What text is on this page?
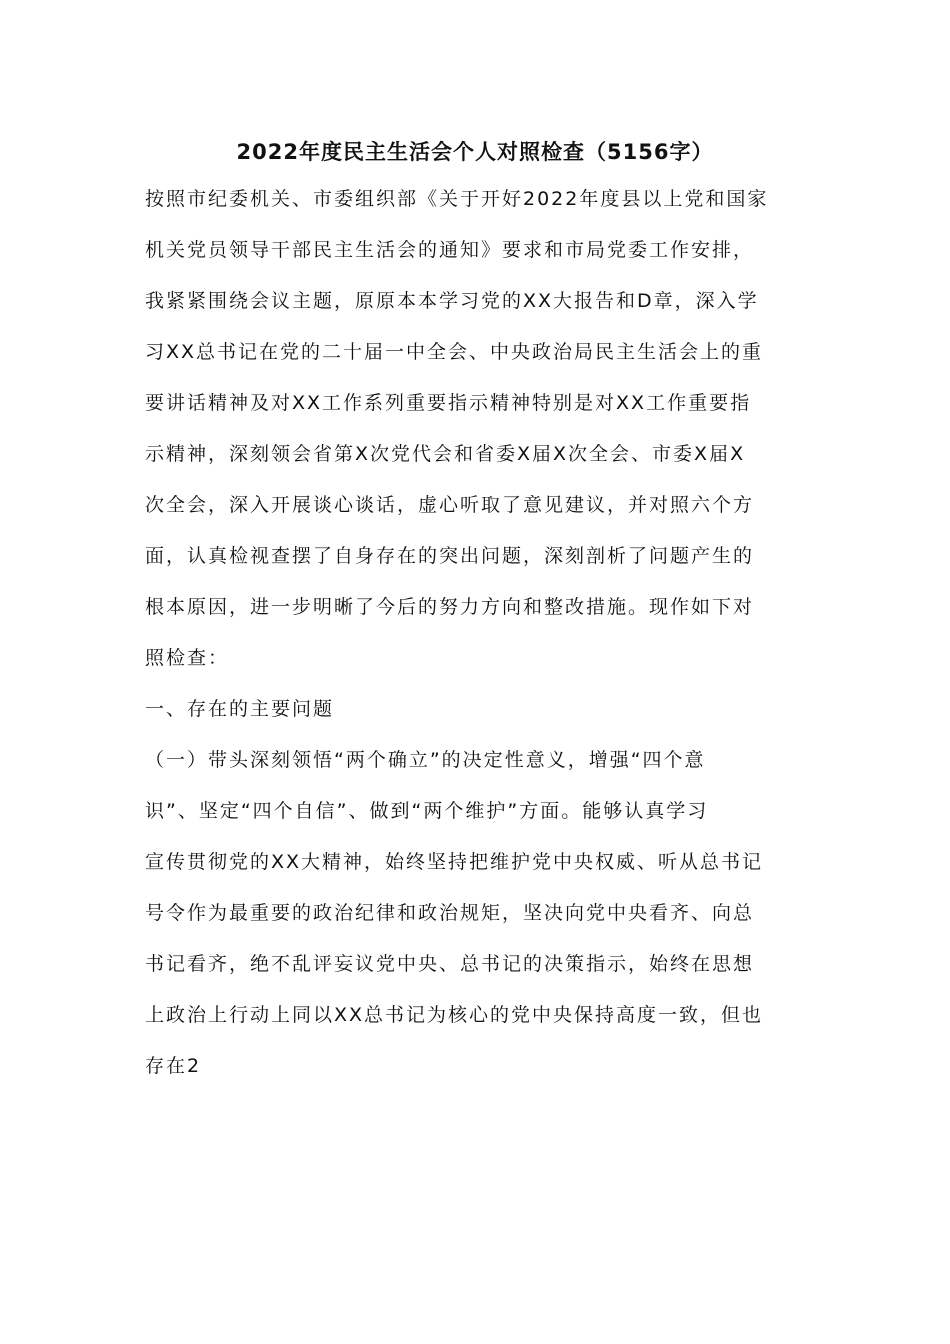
2022年度民主生活会个人对照检查（5156字）
按照市纪委机关、市委组织部《关于开好2022年度县以上党和国家
机关党员领导干部民主生活会的通知》要求和市局党委工作安排，
我紧紧围绕会议主题，原原本本学习党的XX大报告和D章，深入学
习XX总书记在党的二十届一中全会、中央政治局民主生活会上的重
要讲话精神及对XX工作系列重要指示精神特别是对XX工作重要指
示精神，深刻领会省第X次党代会和省委X届X次全会、市委X届X
次全会，深入开展谈心谈话，虚心听取了意见建议，并对照六个方
面，认真检视查摆了自身存在的突出问题，深刻剖析了问题产生的
根本原因，进一步明晰了今后的努力方向和整改措施。现作如下对
照检查：
一、存在的主要问题
（一）带头深刻领悟“两个确立”的决定性意义，增强“四个意
识”、坚定“四个自信”、做到“两个维护”方面。能够认真学习
宣传贯彻党的XX大精神，始终坚持把维护党中央权威、听从总书记
号令作为最重要的政治纪律和政治规矩，坚决向党中央看齐、向总
书记看齐，绝不乱评妄议党中央、总书记的决策指示，始终在思想
上政治上行动上同以XX总书记为核心的党中央保持高度一致，但也
存在2
